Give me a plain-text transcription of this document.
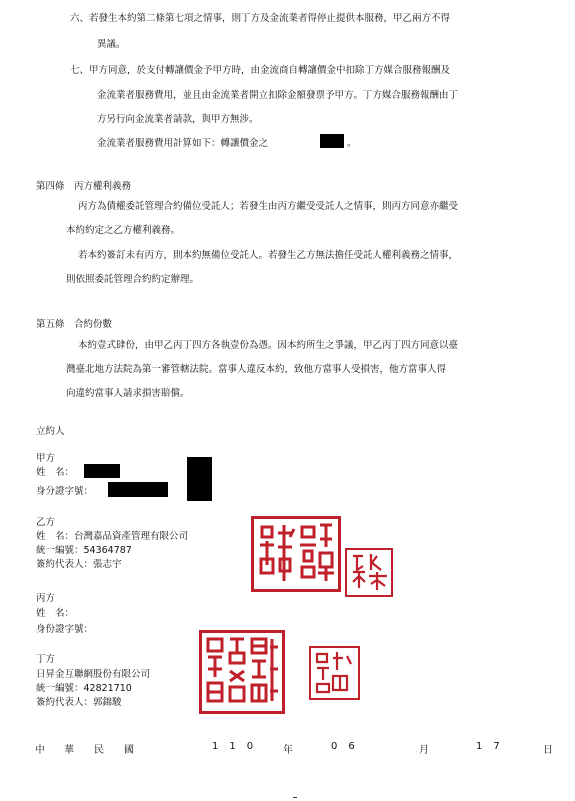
六、若發生本約第二條第七項之情事，則丁方及金流業者得停止提供本服務，甲乙兩方不得
異議。
七、甲方同意，於支付轉讓價金予甲方時，由金流商自轉讓價金中扣除丁方媒合服務報酬及
金流業者服務費用，並且由金流業者開立扣除金額發票予甲方。丁方媒合服務報酬由丁
方另行向金流業者請款，與甲方無涉。
金流業者服務費用計算如下：轉讓價金之	。
第四條　丙方權利義務
丙方為債權委託管理合約備位受託人；若發生由丙方繼受受託人之情事，則丙方同意亦繼受
本約約定之乙方權利義務。
若本約簽訂未有丙方，則本約無備位受託人。若發生乙方無法擔任受託人權利義務之情事，
則依照委託管理合約約定辦理。
第五條　合約份數
本約壹式肆份，由甲乙丙丁四方各執壹份為憑。因本約所生之爭議，甲乙丙丁四方同意以臺
灣臺北地方法院為第一審管轄法院。當事人違反本約，致他方當事人受損害，他方當事人得
向違約當事人請求損害賠償。
立約人
甲方
姓　名：
身分證字號：
乙方
姓　名：台灣嘉品資產管理有限公司
統一編號：54364787
簽約代表人：張志宇
丙方
姓　名：
身份證字號：
丁方
日昇金互聯網股份有限公司
統一編號：42821710
簽約代表人：郭錦駿
中 華 民 國	110 年	06	月	17	日
